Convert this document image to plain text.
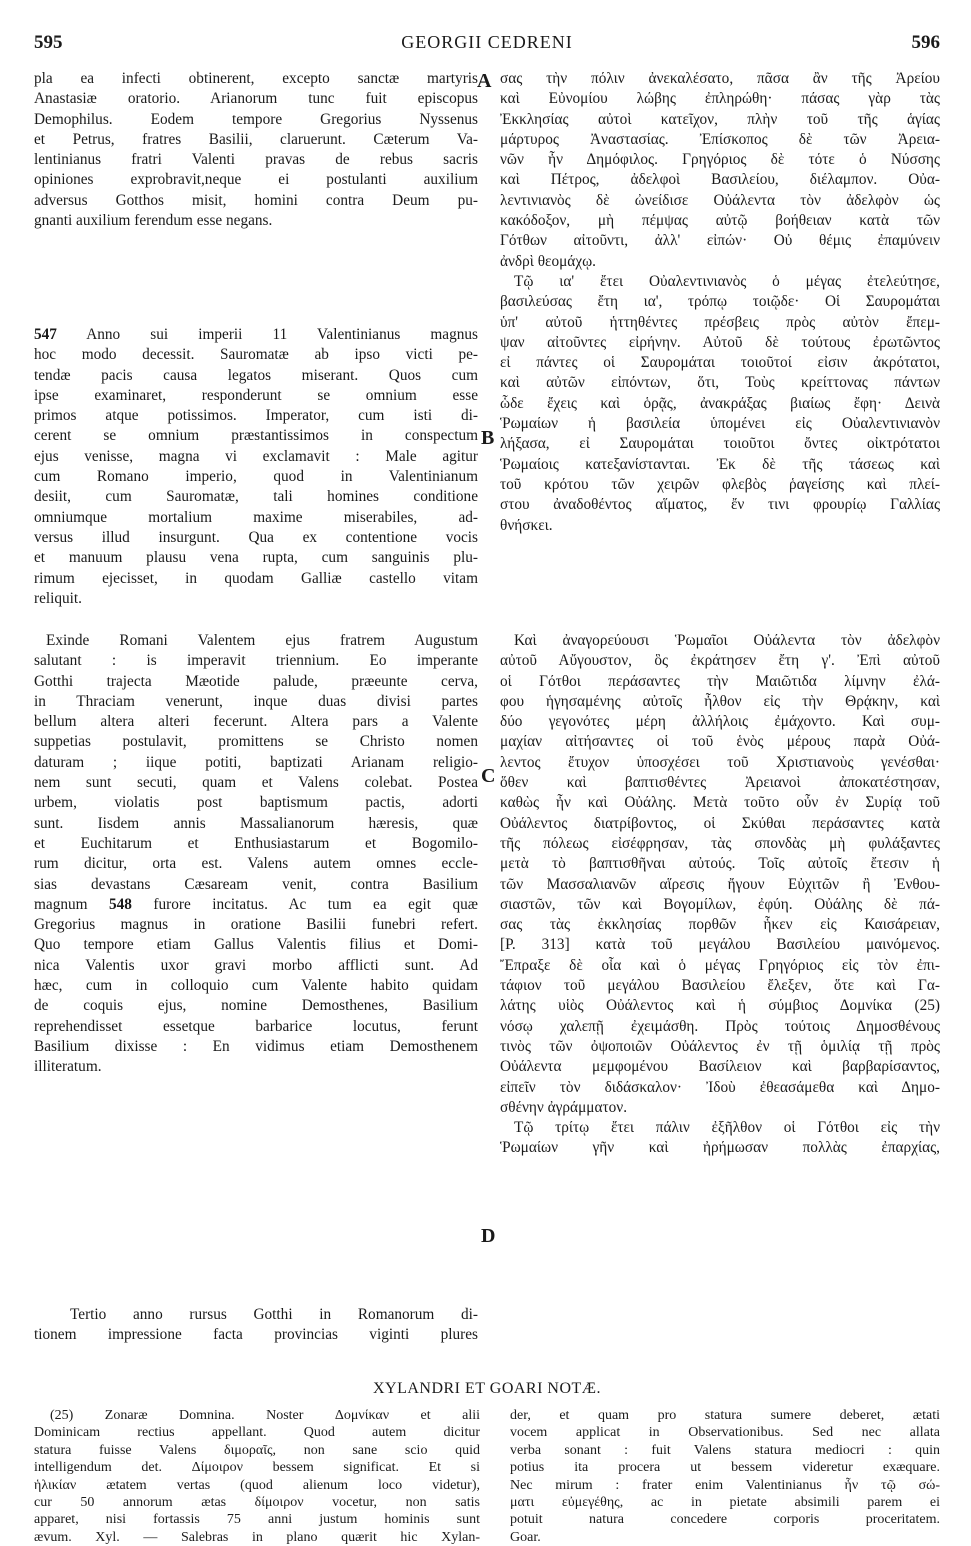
595	GEORGII CEDRENI	596
A
B
C
D

pla ea infecti obtinerent, excepto sanctæ martyris
Anastasiæ oratorio. Arianorum tunc fuit episcopus
Demophilus. Eodem tempore Gregorius Nyssenus
et Petrus, fratres Basilii, claruerunt. Cæterum Va-
lentinianus fratri Valenti pravas de rebus sacris
opiniones exprobravit,neque ei postulanti auxilium
adversus Gotthos misit, homini contra Deum pu-
gnanti auxilium ferendum esse negans.

547 Anno sui imperii 11 Valentinianus magnus
hoc modo decessit. Sauromatæ ab ipso victi pe-
tendæ pacis causa legatos miserant. Quos cum
ipse examinaret, responderunt se omnium esse
primos atque potissimos. Imperator, cum isti di-
cerent se omnium præstantissimos in conspectum
ejus venisse, magna vi exclamavit : Male agitur
cum Romano imperio, quod in Valentinianum
desiit, cum Sauromatæ, tali homines conditione
omniumque mortalium maxime miserabiles, ad-
versus illud insurgunt. Qua ex contentione vocis
et manuum plausu vena rupta, cum sanguinis plu-
rimum ejecisset, in quodam Galliæ castello vitam
reliquit.

Exinde Romani Valentem ejus fratrem Augustum
salutant : is imperavit triennium. Eo imperante
Gotthi trajecta Mæotide palude, præeunte cerva,
in Thraciam venerunt, inque duas divisi partes
bellum altera alteri fecerunt. Altera pars a Valente
suppetias postulavit, promittens se Christo nomen
daturam ; iique potiti, baptizati Arianam religio-
nem sunt secuti, quam et Valens colebat. Postea
urbem, violatis post baptismum pactis, adorti
sunt. Iisdem annis Massalianorum hæresis, quæ
et Euchitarum et Enthusiastarum et Bogomilo-
rum dicitur, orta est. Valens autem omnes eccle-
sias devastans Cæsaream venit, contra Basilium
magnum 548 furore incitatus. Ac tum ea egit quæ
Gregorius magnus in oratione Basilii funebri refert.
Quo tempore etiam Gallus Valentis filius et Domi-
nica Valentis uxor gravi morbo afflicti sunt. Ad
hæc, cum in colloquio cum Valente habito quidam
de coquis ejus, nomine Demosthenes, Basilium
reprehendisset essetque barbarice locutus, ferunt
Basilium dixisse : En vidimus etiam Demosthenem
illiteratum.

Tertio anno rursus Gotthi in Romanorum di-
tionem impressione facta provincias viginti plures

σας τὴν πόλιν ἀνεκαλέσατο, πᾶσα ἂν τῆς Ἀρείου
καὶ Εὐνομίου λώβης ἐπληρώθη· πάσας γὰρ τὰς
Ἐκκλησίας αὐτοὶ κατεῖχον, πλὴν τοῦ τῆς ἁγίας
μάρτυρος Ἀναστασίας. Ἐπίσκοπος δὲ τῶν Ἀρεια-
νῶν ἦν Δημόφιλος. Γρηγόριος δὲ τότε ὁ Νύσσης
καὶ Πέτρος, ἀδελφοὶ Βασιλείου, διέλαμπον. Οὐα-
λεντινιανὸς δὲ ὠνείδισε Οὐάλεντα τὸν ἀδελφὸν ὡς
κακόδοξον, μὴ πέμψας αὐτῷ βοήθειαν κατὰ τῶν
Γότθων αἰτοῦντι, ἀλλ' εἰπών· Οὐ θέμις ἐπαμύνειν
ἀνδρὶ θεομάχῳ.

Τῷ ια' ἔτει Οὐαλεντινιανὸς ὁ μέγας ἐτελεύτησε,
βασιλεύσας ἔτη ια', τρόπῳ τοιῷδε· Οἱ Σαυρομάται
ὑπ' αὐτοῦ ἡττηθέντες πρέσβεις πρὸς αὐτὸν ἔπεμ-
ψαν αἰτοῦντες εἰρήνην. Αὐτοῦ δὲ τούτους ἐρωτῶντος
εἰ πάντες οἱ Σαυρομάται τοιοῦτοί εἰσιν ἀκρότατοι,
καὶ αὐτῶν εἰπόντων, ὅτι, Τοὺς κρείττονας πάντων
ὧδε ἔχεις καὶ ὁρᾷς, ἀνακράξας βιαίως ἔφη· Δεινὰ
Ῥωμαίων ἡ βασιλεία ὑπομένει εἰς Οὐαλεντινιανὸν
λήξασα, εἰ Σαυρομάται τοιοῦτοι ὄντες οἰκτρότατοι
Ῥωμαίοις κατεξανίστανται. Ἐκ δὲ τῆς τάσεως καὶ
τοῦ κρότου τῶν χειρῶν φλεβὸς ῥαγείσης καὶ πλεί-
στου ἀναδοθέντος αἵματος, ἔν τινι φρουρίῳ Γαλλίας
θνήσκει.

Καὶ ἀναγορεύουσι Ῥωμαῖοι Οὐάλεντα τὸν ἀδελφὸν
αὐτοῦ Αὔγουστον, ὃς ἐκράτησεν ἔτη γ'. Ἐπὶ αὐτοῦ
οἱ Γότθοι περάσαντες τὴν Μαιῶτιδα λίμνην ἐλά-
φου ἡγησαμένης αὐτοῖς ἦλθον εἰς τὴν Θρᾴκην, καὶ
δύο γεγονότες μέρη ἀλλήλοις ἐμάχοντο. Καὶ συμ-
μαχίαν αἰτήσαντες οἱ τοῦ ἑνὸς μέρους παρὰ Οὐά-
λεντος ἔτυχον ὑποσχέσει τοῦ Χριστιανοὺς γενέσθαι·
ὅθεν καὶ βαπτισθέντες Ἀρειανοὶ ἀποκατέστησαν,
καθὼς ἦν καὶ Οὐάλης. Μετὰ τοῦτο οὖν ἐν Συρίᾳ τοῦ
Οὐάλεντος διατρίβοντος, οἱ Σκύθαι περάσαντες κατὰ
τῆς πόλεως εἰσέφρησαν, τὰς σπονδὰς μὴ φυλάξαντες
μετὰ τὸ βαπτισθῆναι αὐτούς. Τοῖς αὐτοῖς ἔτεσιν ἡ
τῶν Μασσαλιανῶν αἵρεσις ἤγουν Εὐχιτῶν ἢ Ἐνθου-
σιαστῶν, τῶν καὶ Βογομίλων, ἐφύη. Οὐάλης δὲ πά-
σας τὰς ἐκκλησίας πορθῶν ἧκεν εἰς Καισάρειαν,
[P. 313] κατὰ τοῦ μεγάλου Βασιλείου μαινόμενος.
Ἔπραξε δὲ οἷα καὶ ὁ μέγας Γρηγόριος εἰς τὸν ἐπι-
τάφιον τοῦ μεγάλου Βασιλείου ἔλεξεν, ὅτε καὶ Γα-
λάτης υἱὸς Οὐάλεντος καὶ ἡ σύμβιος Δομνίκα (25)
νόσῳ χαλεπῇ ἐχειμάσθη. Πρὸς τούτοις Δημοσθένους
τινὸς τῶν ὀψοποιῶν Οὐάλεντος ἐν τῇ ὁμιλίᾳ τῇ πρὸς
Οὐάλεντα μεμφομένου Βασίλειον καὶ βαρβαρίσαντος,
εἰπεῖν τὸν διδάσκαλον· Ἰδοὺ ἐθεασάμεθα καὶ Δημο-
σθένην ἀγράμματον.

Τῷ τρίτῳ ἔτει πάλιν ἐξῆλθον οἱ Γότθοι εἰς τὴν
Ῥωμαίων γῆν καὶ ἠρήμωσαν πολλὰς ἐπαρχίας,

XYLANDRI ET GOARI NOTÆ.
(25) Zonaræ Domnina. Noster Δομνίκαν et alii
Dominicam rectius appellant. Quod autem dicitur
statura fuisse Valens διμοραῖς, non sane scio quid
intelligendum det. Δίμοιρον bessem significat. Et si
ἡλικίαν ætatem vertas (quod alienum loco videtur),
cur 50 annorum ætas δίμοιρον vocetur, non satis
apparet, nisi fortassis 75 anni justum hominis sunt
ævum. Xyl. — Salebras in plano quærit hic Xylan-
der, et quam pro statura sumere deberet, ætati
vocem applicat in Observationibus. Sed nec allata
verba sonant : fuit Valens statura mediocri : quin
potius ita procera ut bessem videretur exæquare.
Nec mirum : frater enim Valentinianus ἦν τῷ σώ-
ματι εὐμεγέθης, ac in pietate absimili parem ei
potuit natura concedere corporis proceritatem.
Goar.
